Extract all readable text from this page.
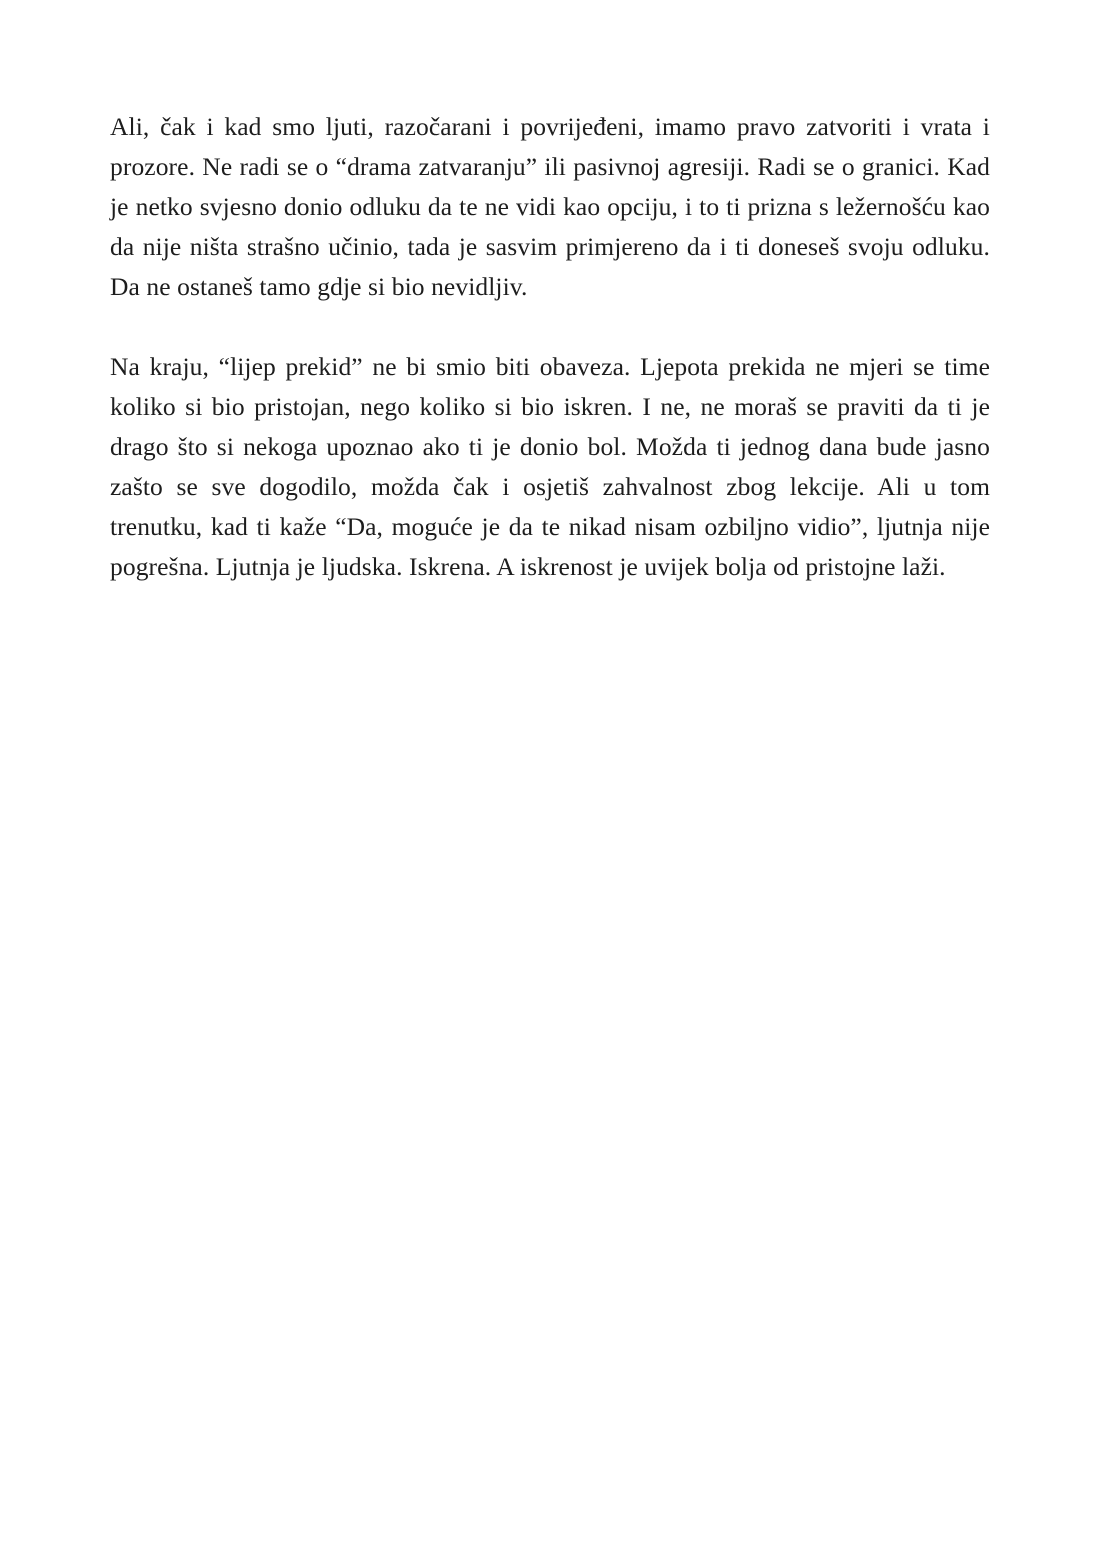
Ali, čak i kad smo ljuti, razočarani i povrijeđeni, imamo pravo zatvoriti i vrata i prozore. Ne radi se o “drama zatvaranju” ili pasivnoj agresiji. Radi se o granici. Kad je netko svjesno donio odluku da te ne vidi kao opciju, i to ti prizna s ležernošću kao da nije ništa strašno učinio, tada je sasvim primjereno da i ti doneseš svoju odluku. Da ne ostaneš tamo gdje si bio nevidljiv.

Na kraju, “lijep prekid” ne bi smio biti obaveza. Ljepota prekida ne mjeri se time koliko si bio pristojan, nego koliko si bio iskren. I ne, ne moraš se praviti da ti je drago što si nekoga upoznao ako ti je donio bol. Možda ti jednog dana bude jasno zašto se sve dogodilo, možda čak i osjetiš zahvalnost zbog lekcije. Ali u tom trenutku, kad ti kaže “Da, moguće je da te nikad nisam ozbiljno vidio”, ljutnja nije pogrešna. Ljutnja je ljudska. Iskrena. A iskrenost je uvijek bolja od pristojne laži.
